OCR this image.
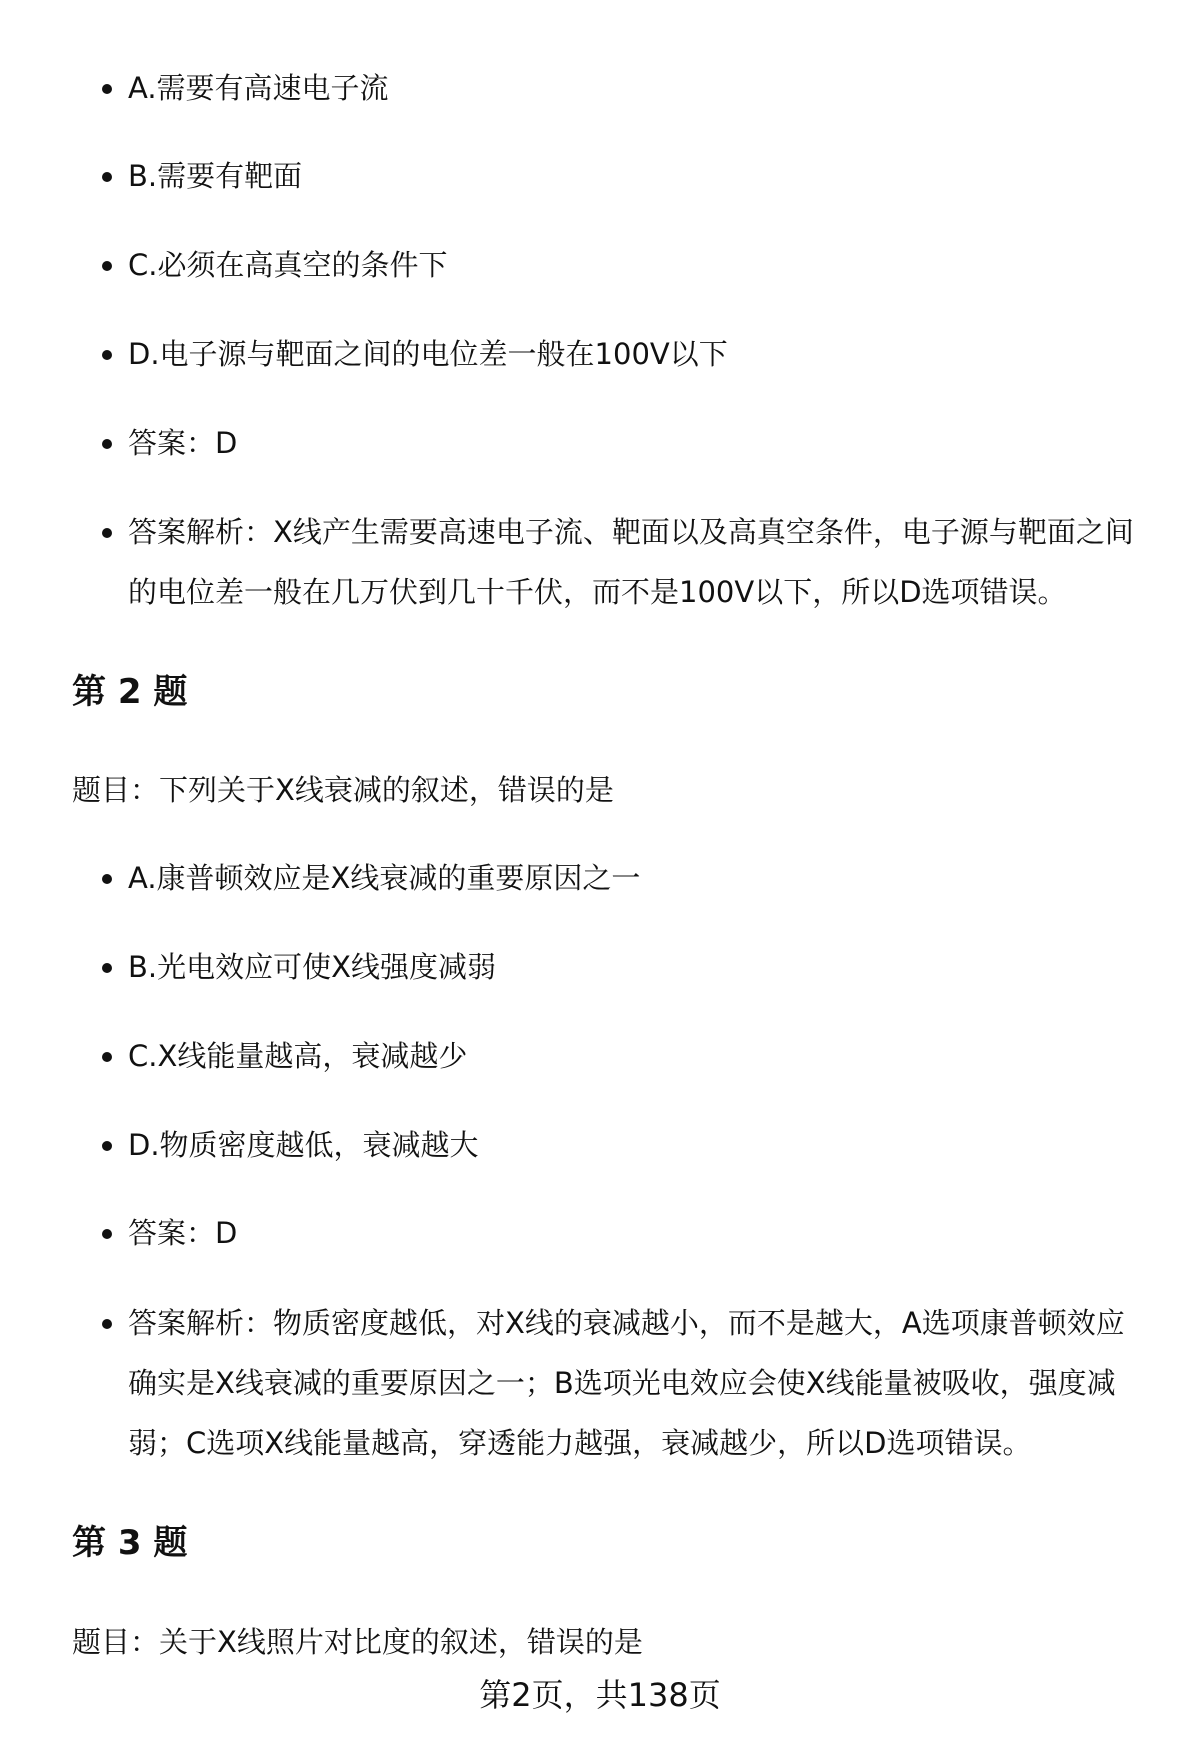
A.需要有高速电子流
B.需要有靶面
C.必须在高真空的条件下
D.电子源与靶面之间的电位差一般在100V以下
答案：D
答案解析：X线产生需要高速电子流、靶面以及高真空条件，电子源与靶面之间的电位差一般在几万伏到几十千伏，而不是100V以下，所以D选项错误。
第 2 题
题目：下列关于X线衰减的叙述，错误的是
A.康普顿效应是X线衰减的重要原因之一
B.光电效应可使X线强度减弱
C.X线能量越高，衰减越少
D.物质密度越低，衰减越大
答案：D
答案解析：物质密度越低，对X线的衰减越小，而不是越大，A选项康普顿效应确实是X线衰减的重要原因之一；B选项光电效应会使X线能量被吸收，强度减弱；C选项X线能量越高，穿透能力越强，衰减越少，所以D选项错误。
第 3 题
题目：关于X线照片对比度的叙述，错误的是
第2页，共138页
